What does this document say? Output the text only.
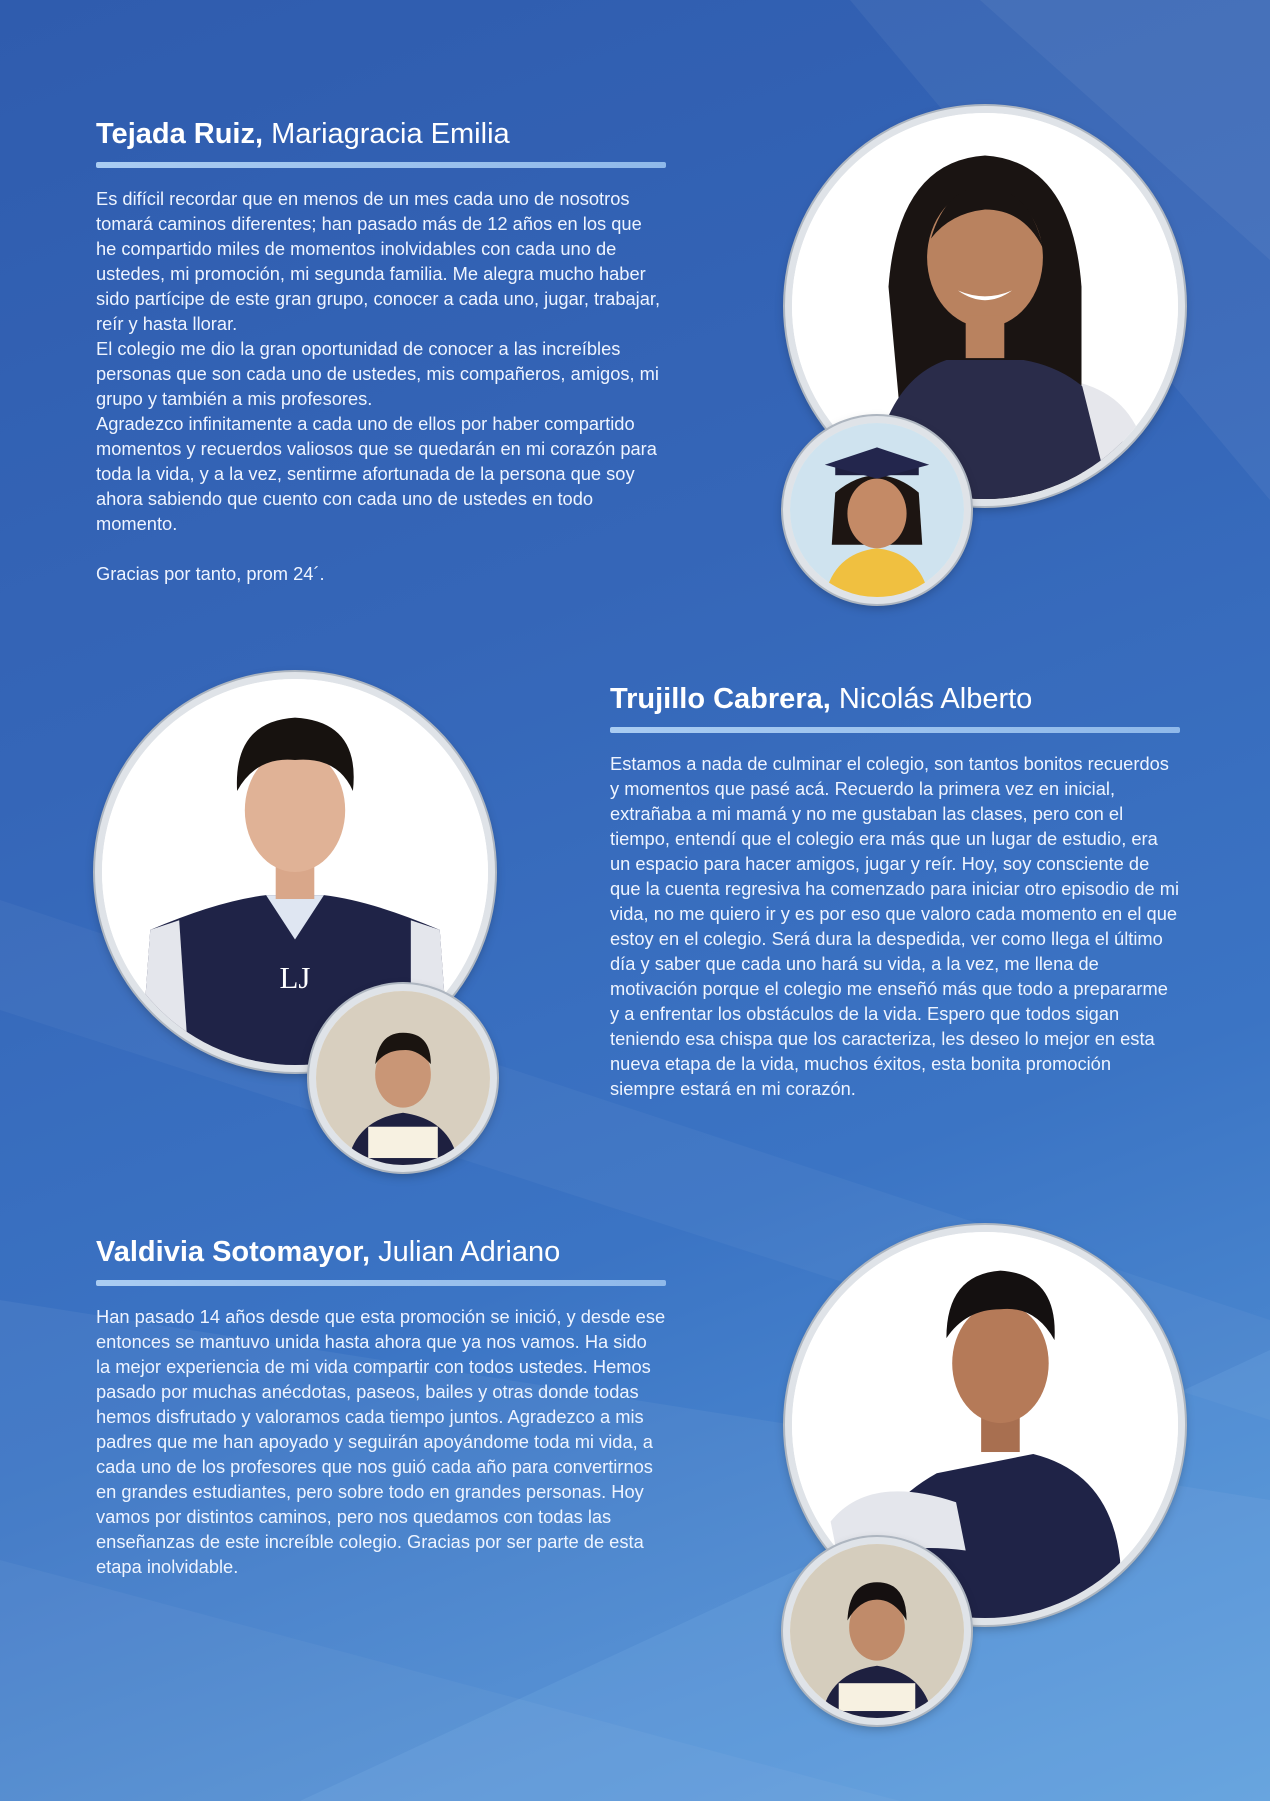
Tejada Ruiz, Mariagracia Emilia

Es difícil recordar que en menos de un mes cada uno de nosotros tomará caminos diferentes; han pasado más de 12 años en los que he compartido miles de momentos inolvidables con cada uno de ustedes, mi promoción, mi segunda familia. Me alegra mucho haber sido partícipe de este gran grupo, conocer a cada uno, jugar, trabajar, reír y hasta llorar.

El colegio me dio la gran oportunidad de conocer a las increíbles personas que son cada uno de ustedes, mis compañeros, amigos, mi grupo y también a mis profesores.

Agradezco infinitamente a cada uno de ellos por haber compartido momentos y recuerdos valiosos que se quedarán en mi corazón para toda la vida, y a la vez, sentirme afortunada de la persona que soy ahora sabiendo que cuento con cada uno de ustedes en todo momento.

Gracias por tanto, prom 24´.

LJ
Trujillo Cabrera, Nicolás Alberto

Estamos a nada de culminar el colegio, son tantos bonitos recuerdos y momentos que pasé acá. Recuerdo la primera vez en inicial, extrañaba a mi mamá y no me gustaban las clases, pero con el tiempo, entendí que el colegio era más que un lugar de estudio, era un espacio para hacer amigos, jugar y reír. Hoy, soy consciente de que la cuenta regresiva ha comenzado para iniciar otro episodio de mi vida, no me quiero ir y es por eso que valoro cada momento en el que estoy en el colegio. Será dura la despedida, ver como llega el último día y saber que cada uno hará su vida, a la vez, me llena de motivación porque el colegio me enseñó más que todo a prepararme y a enfrentar los obstáculos de la vida. Espero que todos sigan teniendo esa chispa que los caracteriza, les deseo lo mejor en esta nueva etapa de la vida, muchos éxitos, esta bonita promoción siempre estará en mi corazón.

Valdivia Sotomayor, Julian Adriano

Han pasado 14 años desde que esta promoción se inició, y desde ese entonces se mantuvo unida hasta ahora que ya nos vamos. Ha sido la mejor experiencia de mi vida compartir con todos ustedes. Hemos pasado por muchas anécdotas, paseos, bailes y otras donde todas hemos disfrutado y valoramos cada tiempo juntos. Agradezco a mis padres que me han apoyado y seguirán apoyándome toda mi vida, a cada uno de los profesores que nos guió cada año para convertirnos en grandes estudiantes, pero sobre todo en grandes personas. Hoy vamos por distintos caminos, pero nos quedamos con todas las enseñanzas de este increíble colegio. Gracias por ser parte de esta etapa inolvidable.
